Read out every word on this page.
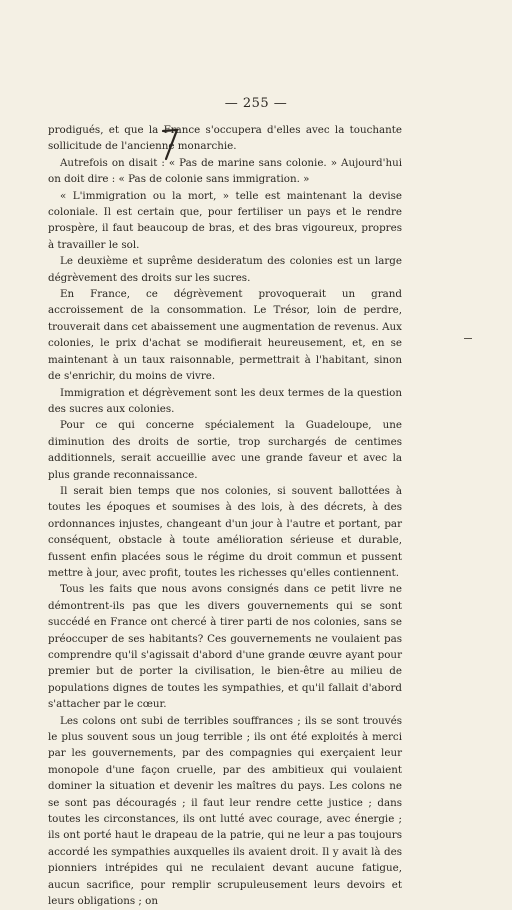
— 255 —

prodigués, et que la France s'occupera d'elles avec la touchante sollicitude de l'ancienne monarchie.

Autrefois on disait : « Pas de marine sans colonie. » Aujourd'hui on doit dire : « Pas de colonie sans immigration. »

« L'immigration ou la mort, » telle est maintenant la devise coloniale. Il est certain que, pour fertiliser un pays et le rendre prospère, il faut beaucoup de bras, et des bras vigoureux, propres à travailler le sol.

Le deuxième et suprême desideratum des colonies est un large dégrèvement des droits sur les sucres.

En France, ce dégrèvement provoquerait un grand accroissement de la consommation. Le Trésor, loin de perdre, trouverait dans cet abaissement une augmentation de revenus. Aux colonies, le prix d'achat se modifierait heureusement, et, en se maintenant à un taux raisonnable, permettrait à l'habitant, sinon de s'enrichir, du moins de vivre.

Immigration et dégrèvement sont les deux termes de la question des sucres aux colonies.

Pour ce qui concerne spécialement la Guadeloupe, une diminution des droits de sortie, trop surchargés de centimes additionnels, serait accueillie avec une grande faveur et avec la plus grande reconnaissance.

Il serait bien temps que nos colonies, si souvent ballottées à toutes les époques et soumises à des lois, à des décrets, à des ordonnances injustes, changeant d'un jour à l'autre et portant, par conséquent, obstacle à toute amélioration sérieuse et durable, fussent enfin placées sous le régime du droit commun et pussent mettre à jour, avec profit, toutes les richesses qu'elles contiennent.

Tous les faits que nous avons consignés dans ce petit livre ne démontrent-ils pas que les divers gouvernements qui se sont succédé en France ont chercé à tirer parti de nos colonies, sans se préoccuper de ses habitants? Ces gouvernements ne voulaient pas comprendre qu'il s'agissait d'abord d'une grande œuvre ayant pour premier but de porter la civilisation, le bien-être au milieu de populations dignes de toutes les sympathies, et qu'il fallait d'abord s'attacher par le cœur.

Les colons ont subi de terribles souffrances ; ils se sont trouvés le plus souvent sous un joug terrible ; ils ont été exploités à merci par les gouvernements, par des compagnies qui exerçaient leur monopole d'une façon cruelle, par des ambitieux qui voulaient dominer la situation et devenir les maîtres du pays. Les colons ne se sont pas découragés ; il faut leur rendre cette justice ; dans toutes les circonstances, ils ont lutté avec courage, avec énergie ; ils ont porté haut le drapeau de la patrie, qui ne leur a pas toujours accordé les sympathies auxquelles ils avaient droit. Il y avait là des pionniers intrépides qui ne reculaient devant aucune fatigue, aucun sacrifice, pour remplir scrupuleusement leurs devoirs et leurs obligations ; on
